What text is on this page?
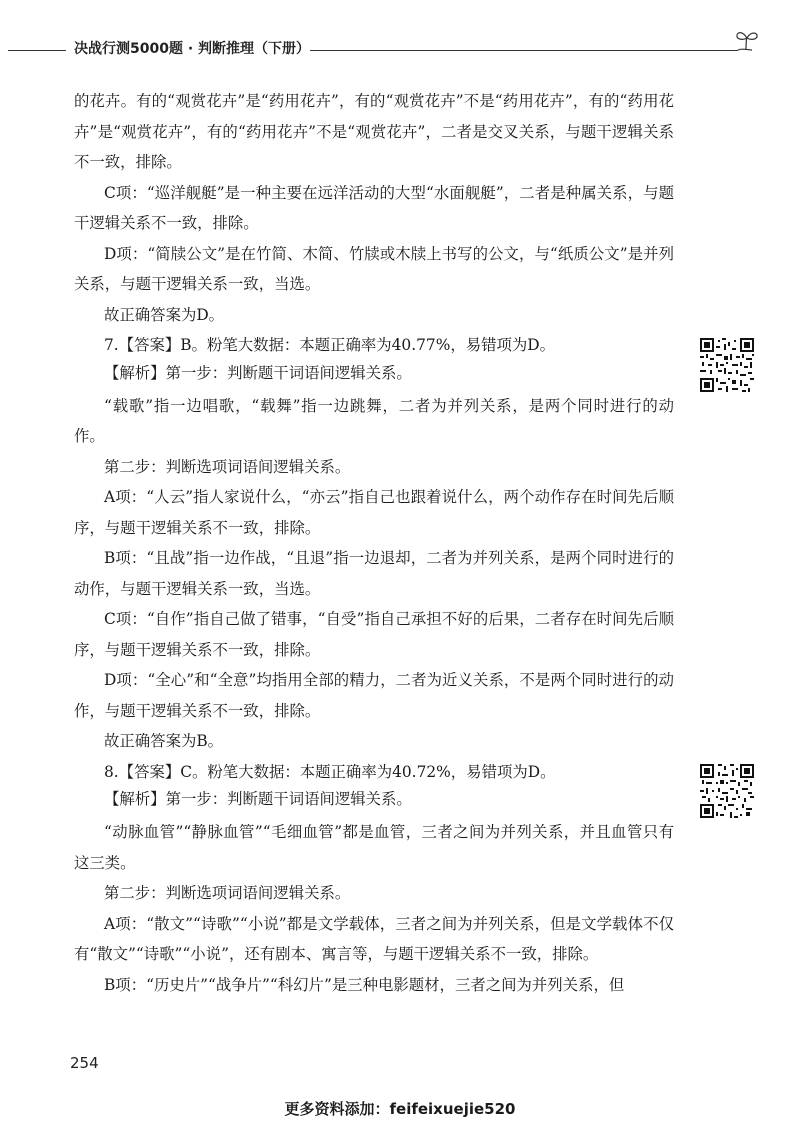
决战行测5000题 · 判断推理（下册）

的花卉。有的“观赏花卉”是“药用花卉”，有的“观赏花卉”不是“药用花卉”，有的“药用花卉”是“观赏花卉”，有的“药用花卉”不是“观赏花卉”，二者是交叉关系，与题干逻辑关系不一致，排除。

C项：“巡洋舰艇”是一种主要在远洋活动的大型“水面舰艇”，二者是种属关系，与题干逻辑关系不一致，排除。

D项：“简牍公文”是在竹简、木简、竹牍或木牍上书写的公文，与“纸质公文”是并列关系，与题干逻辑关系一致，当选。

故正确答案为D。

7.【答案】B。粉笔大数据：本题正确率为40.77%，易错项为D。

【解析】第一步：判断题干词语间逻辑关系。

“载歌”指一边唱歌，“载舞”指一边跳舞，二者为并列关系，是两个同时进行的动作。

第二步：判断选项词语间逻辑关系。

A项：“人云”指人家说什么，“亦云”指自己也跟着说什么，两个动作存在时间先后顺序，与题干逻辑关系不一致，排除。

B项：“且战”指一边作战，“且退”指一边退却，二者为并列关系，是两个同时进行的动作，与题干逻辑关系一致，当选。

C项：“自作”指自己做了错事，“自受”指自己承担不好的后果，二者存在时间先后顺序，与题干逻辑关系不一致，排除。

D项：“全心”和“全意”均指用全部的精力，二者为近义关系，不是两个同时进行的动作，与题干逻辑关系不一致，排除。

故正确答案为B。

8.【答案】C。粉笔大数据：本题正确率为40.72%，易错项为D。

【解析】第一步：判断题干词语间逻辑关系。

“动脉血管”“静脉血管”“毛细血管”都是血管，三者之间为并列关系，并且血管只有这三类。

第二步：判断选项词语间逻辑关系。

A项：“散文”“诗歌”“小说”都是文学载体，三者之间为并列关系，但是文学载体不仅有“散文”“诗歌”“小说”，还有剧本、寓言等，与题干逻辑关系不一致，排除。

B项：“历史片”“战争片”“科幻片”是三种电影题材，三者之间为并列关系，但

254
更多资料添加：feifeixuejie520
